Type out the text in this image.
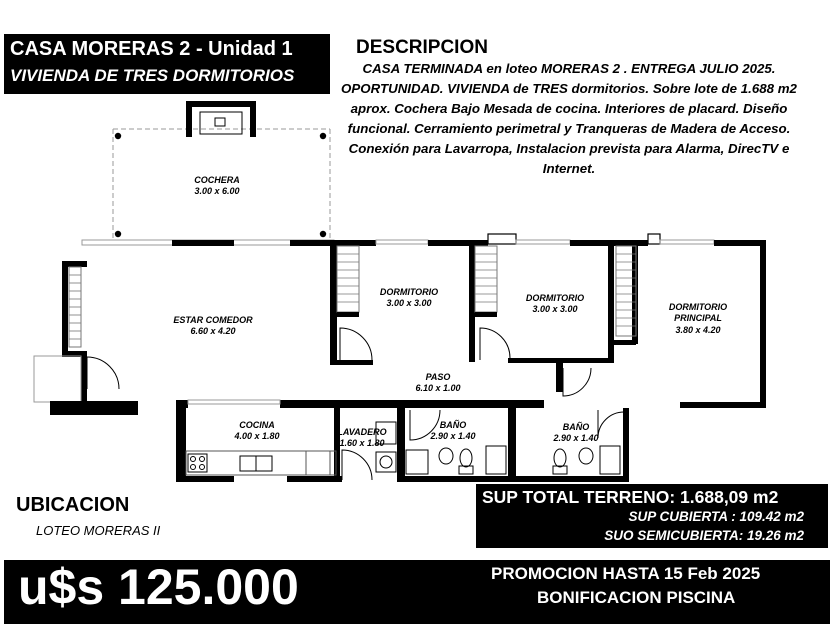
CASA MORERAS 2 - Unidad 1
VIVIENDA DE TRES DORMITORIOS
DESCRIPCION
CASA TERMINADA en loteo MORERAS 2 . ENTREGA JULIO 2025. OPORTUNIDAD. VIVIENDA de TRES dormitorios. Sobre lote de 1.688 m2 aprox. Cochera Bajo Mesada de cocina. Interiores de placard. Diseño funcional. Cerramiento perimetral y Tranqueras de Madera de Acceso. Conexión para Lavarropa, Instalacion prevista para Alarma, DirecTV e Internet.
COCHERA
3.00 x 6.00
ESTAR COMEDOR
6.60 x 4.20
DORMITORIO
3.00 x 3.00	DORMITORIO
3.00 x 3.00	DORMITORIO
PRINCIPAL
3.80 x 4.20
PASO
6.10 x 1.00
COCINA
4.00 x 1.80	LAVADERO
1.60 x 1.80
BAÑO
2.90 x 1.40
BAÑO
2.90 x 1.40
UBICACION
LOTEO MORERAS II
SUP TOTAL TERRENO: 1.688,09 m2
SUP CUBIERTA : 109.42 m2
SUO SEMICUBIERTA: 19.26 m2
u$s 125.000	PROMOCION HASTA 15 Feb 2025
BONIFICACION PISCINA
